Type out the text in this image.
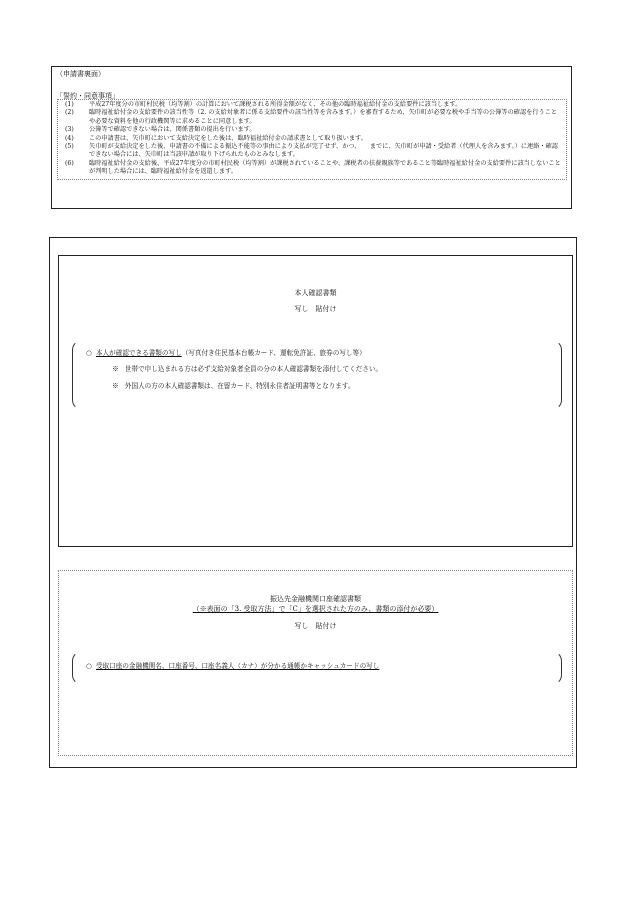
（申請書裏面）
「誓約・同意事項」
(1)	平成27年度分の市町村民税（均等割）の計算において課税される所得金額がなく、その他の臨時福祉給付金の支給要件に該当します。
(2)	臨時福祉給付金の支給要件の該当性等（2. の支給対象者に係る支給要件の該当性等を含みます。）を審査するため、矢巾町が必要な税や手当等の公簿等の確認を行うことや必要な資料を他の行政機関等に求めることに同意します。
(3)	公簿等で確認できない場合は、関係書類の提出を行います。
(4)	この申請書は、矢巾町において支給決定をした後は、臨時福祉給付金の請求書として取り扱います。
(5)	矢巾町が支給決定をした後、申請書の不備による振込不能等の事由により支払が完了せず、かつ、　　までに、矢巾町が申請・受給者（代理人を含みます。）に連絡・確認できない場合には、矢巾町は当該申請が取り下げられたものとみなします。
(6)	臨時福祉給付金の支給後、平成27年度分の市町村民税（均等割）が課税されていることや、課税者の扶養親族等であること等臨時福祉給付金の支給要件に該当しないことが判明した場合には、臨時福祉給付金を返還します。
本人確認書類
写し　貼付け
○ 本人が確認できる書類の写し（写真付き住民基本台帳カード、運転免許証、旅券の写し等）
※ 世帯で申し込まれる方は必ず支給対象者全員の分の本人確認書類を添付してください。
※ 外国人の方の本人確認書類は、在留カード、特別永住者証明書等となります。
振込先金融機関口座確認書類
（※表面の「3. 受取方法」で「C」を選択された方のみ、書類の添付が必要）
写し　貼付け
○ 受取口座の金融機関名、口座番号、口座名義人（カナ）が分かる通帳かキャッシュカードの写し
